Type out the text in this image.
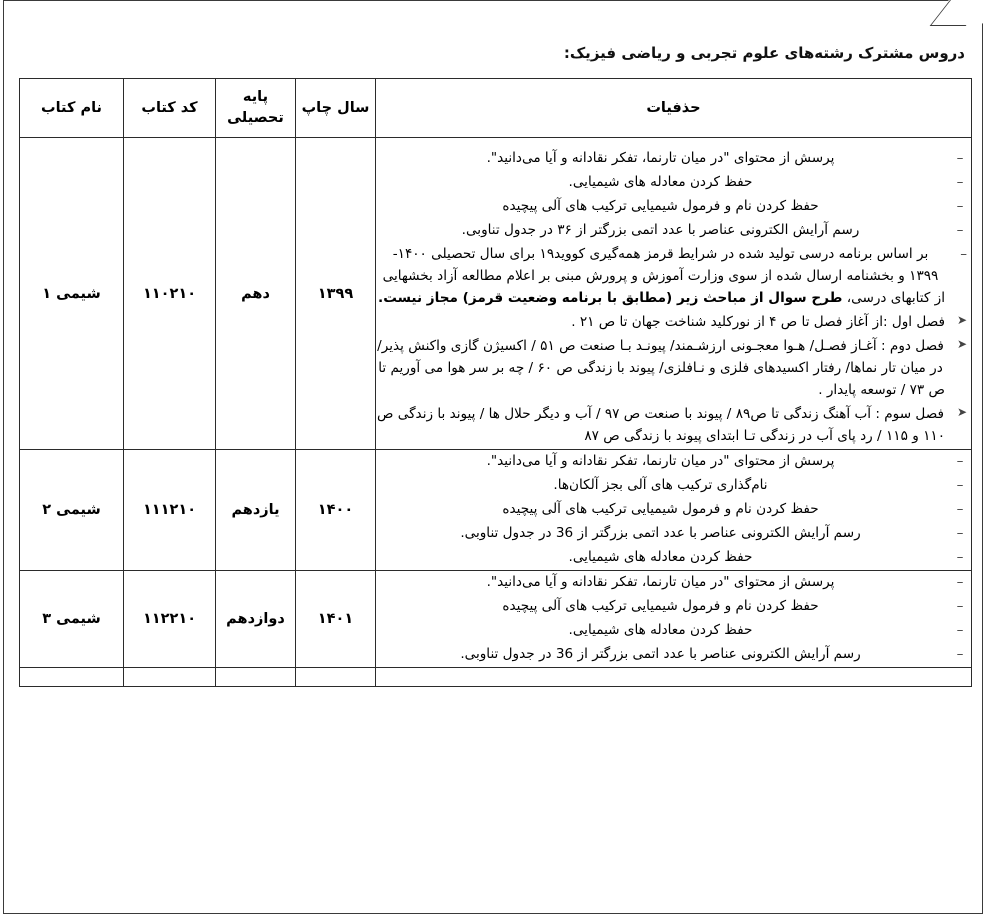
دروس مشترک رشته‌های علوم تجربی و ریاضی فیزیک:
حذفیات	سال چاپ	پایه تحصیلی	کد کتاب	نام کتاب

–
پرسش از محتوای "در میان تارنما، تفکر نقادانه و آیا می‌دانید".
–
حفظ کردن معادله های شیمیایی.
–
حفظ کردن نام و فرمول شیمیایی ترکیب های آلی پیچیده
–
رسم آرایش الکترونی عناصر با عدد اتمی بزرگتر از ۳۶ در جدول تناوبی.
–
بر اساس برنامه درسی تولید شده در شرایط قرمز همه‌گیری کووید۱۹ برای سال تحصیلی ۱۴۰۰- ۱۳۹۹ و بخشنامه ارسال شده از سوی وزارت آموزش و پرورش مبنی بر اعلام مطالعه آزاد بخشهایی از کتابهای درسی، طرح سوال از مباحث زیر (مطابق با برنامه وضعیت قرمز) مجاز نیست.
➤
فصل اول :از آغاز فصل تا ص ۴ از نورکلید شناخت جهان تا ص ۲۱ .
➤
فصل دوم : آغـاز فصـل/ هـوا معجـونی ارزشـمند/ پیونـد بـا صنعت ص ۵۱ / اکسیژن گازی واکنش پذیر/ در میان تار نماها/ رفتار اکسیدهای فلزی و نـافلزی/ پیوند با زندگی ص ۶۰ / چه بر سر هوا می آوریم تا ص ۷۳ / توسعه پایدار .
➤
فصل سوم : آب آهنگ زندگی تا ص۸۹ / پیوند با صنعت ص ۹۷ / آب و دیگر حلال ها / پیوند با زندگی ص ۱۱۰ و ۱۱۵ / رد پای آب در زندگی تـا ابتدای پیوند با زندگی ص ۸۷
	۱۳۹۹	دهم	۱۱۰۲۱۰	شیمی ۱

–
پرسش از محتوای "در میان تارنما، تفکر نقادانه و آیا می‌دانید".
–
نام‌گذاری ترکیب های آلی بجز آلکان‌ها.
–
حفظ کردن نام و فرمول شیمیایی ترکیب های آلی پیچیده
–
رسم آرایش الکترونی عناصر با عدد اتمی بزرگتر از 36 در جدول تناوبی.
–
حفظ کردن معادله های شیمیایی.
	۱۴۰۰	یازدهم	۱۱۱۲۱۰	شیمی ۲

–
پرسش از محتوای "در میان تارنما، تفکر نقادانه و آیا می‌دانید".
–
حفظ کردن نام و فرمول شیمیایی ترکیب های آلی پیچیده
–
حفظ کردن معادله های شیمیایی.
–
رسم آرایش الکترونی عناصر با عدد اتمی بزرگتر از 36 در جدول تناوبی.
	۱۴۰۱	دوازدهم	۱۱۲۲۱۰	شیمی ۳
